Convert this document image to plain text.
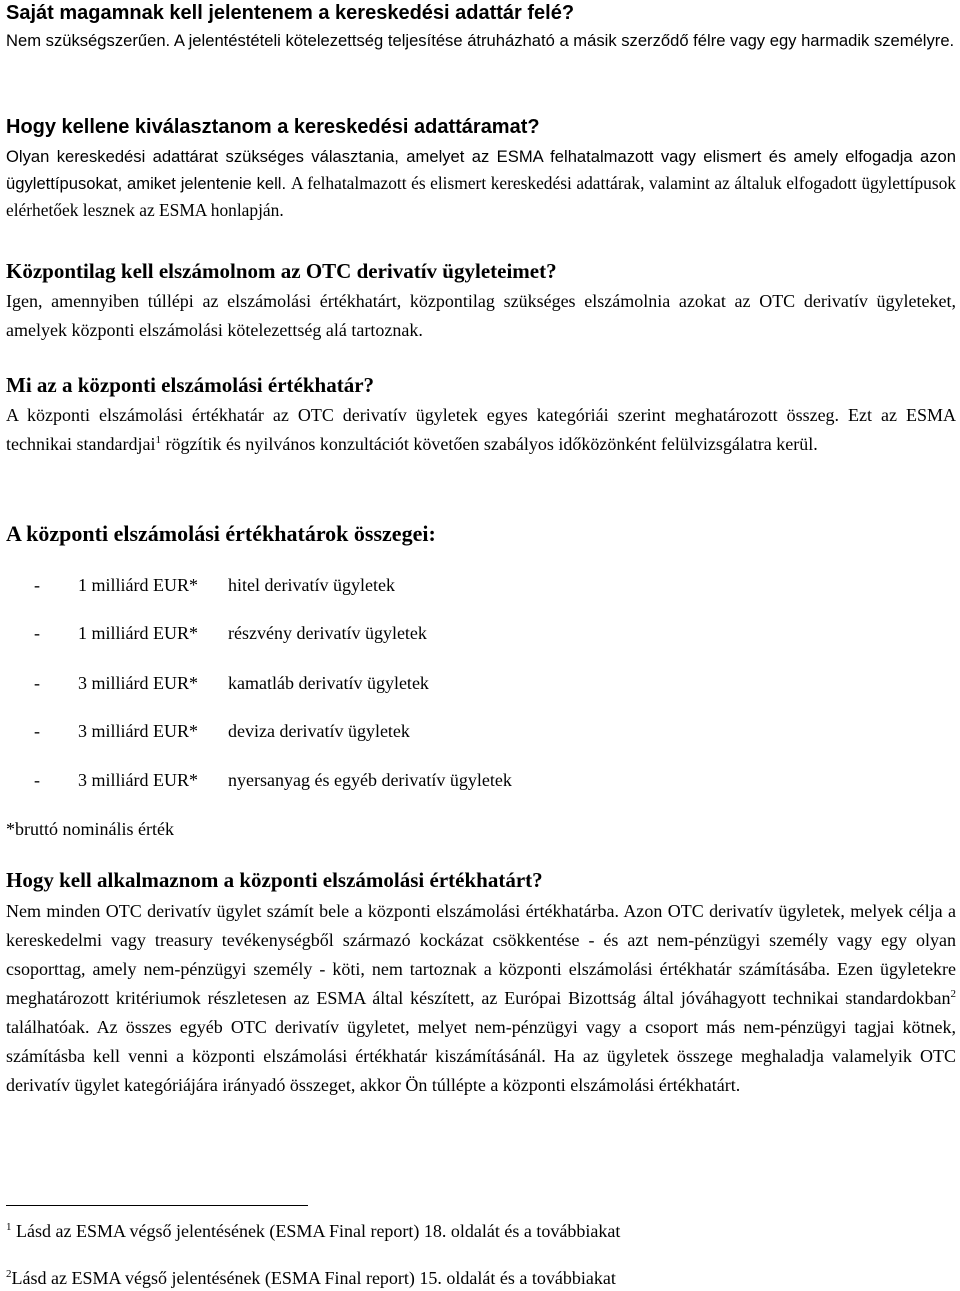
Saját magamnak kell jelentenem a kereskedési adattár felé?

Nem szükségszerűen. A jelentéstételi kötelezettség teljesítése átruházható a másik szerződő félre vagy egy harmadik személyre.

Hogy kellene kiválasztanom a kereskedési adattáramat?

Olyan kereskedési adattárat szükséges választania, amelyet az ESMA felhatalmazott vagy elismert és amely elfogadja azon ügylettípusokat, amiket jelentenie kell. A felhatalmazott és elismert kereskedési adattárak, valamint az általuk elfogadott ügylettípusok elérhetőek lesznek az ESMA honlapján.

Központilag kell elszámolnom az OTC derivatív ügyleteimet?

Igen, amennyiben túllépi az elszámolási értékhatárt, központilag szükséges elszámolnia azokat az OTC derivatív ügyleteket, amelyek központi elszámolási kötelezettség alá tartoznak.

Mi az a központi elszámolási értékhatár?

A központi elszámolási értékhatár az OTC derivatív ügyletek egyes kategóriái szerint meghatározott összeg. Ezt az ESMA technikai standardjai$^1$ rögzítik és nyilvános konzultációt követően szabályos időközönként felülvizsgálatra kerül.

A központi elszámolási értékhatárok összegei:
- 1 milliárd EUR* hitel derivatív ügyletek
- 1 milliárd EUR* részvény derivatív ügyletek
- 3 milliárd EUR* kamatláb derivatív ügyletek
- 3 milliárd EUR* deviza derivatív ügyletek
- 3 milliárd EUR* nyersanyag és egyéb derivatív ügyletek
*bruttó nominális érték
Hogy kell alkalmaznom a központi elszámolási értékhatárt?

Nem minden OTC derivatív ügylet számít bele a központi elszámolási értékhatárba. Azon OTC derivatív ügyletek, melyek célja a kereskedelmi vagy treasury tevékenységből származó kockázat csökkentése - és azt nem-pénzügyi személy vagy egy olyan csoporttag, amely nem-pénzügyi személy - köti, nem tartoznak a központi elszámolási értékhatár számításába. Ezen ügyletekre meghatározott kritériumok részletesen az ESMA által készített, az Európai Bizottság által jóváhagyott technikai standardokban$^2$ találhatóak. Az összes egyéb OTC derivatív ügyletet, melyet nem-pénzügyi vagy a csoport más nem-pénzügyi tagjai kötnek, számításba kell venni a központi elszámolási értékhatár kiszámításánál. Ha az ügyletek összege meghaladja valamelyik OTC derivatív ügylet kategóriájára irányadó összeget, akkor Ön túllépte a központi elszámolási értékhatárt.

$^1$ Lásd az ESMA végső jelentésének (ESMA Final report) 18. oldalát és a továbbiakat
$^2$Lásd az ESMA végső jelentésének (ESMA Final report) 15. oldalát és a továbbiakat
